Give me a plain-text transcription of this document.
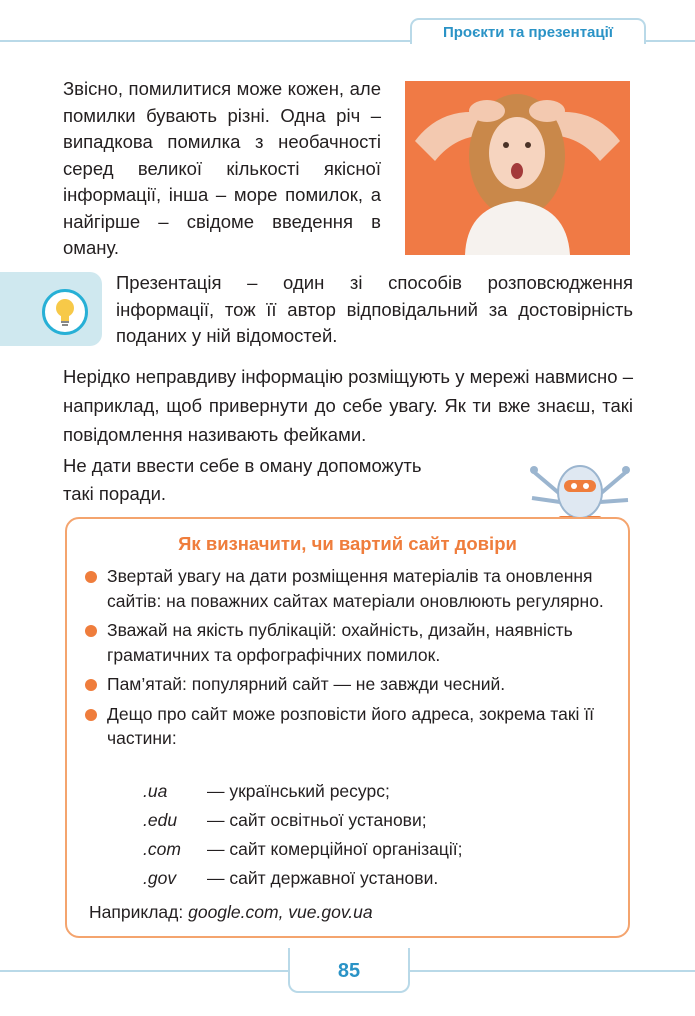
Проєкти та презентації

Звісно, помилитися може кожен, але помилки бувають різні. Одна річ – випадкова помилка з необачності серед великої кількості якісної інформації, інша – море помилок, а найгірше – свідоме введення в оману.

Презентація – один зі способів розповсюдження інформації, тож її автор відповідальний за достовірність поданих у ній відомостей.

Нерідко неправдиву інформацію розміщують у мережі навмисно – наприклад, щоб привернути до себе увагу. Як ти вже знаєш, такі повідомлення називають фейками.

Не дати ввести себе в оману допоможуть
такі поради.
Як визначити, чи вартий сайт довіри
Звертай увагу на дати розміщення матеріалів та оновлення сайтів: на поважних сайтах матеріали оновлюють регулярно.
Зважай на якість публікацій: охайність, дизайн, наявність граматичних та орфографічних помилок.
Пам’ятай: популярний сайт — не завжди чесний.
Дещо про сайт може розповісти його адреса, зокрема такі її частини:
.ua	— український ресурс;
.edu	— сайт освітньої установи;
.com	— сайт комерційної організації;
.gov	— сайт державної установи.
Наприклад: google.com, vue.gov.ua
85
